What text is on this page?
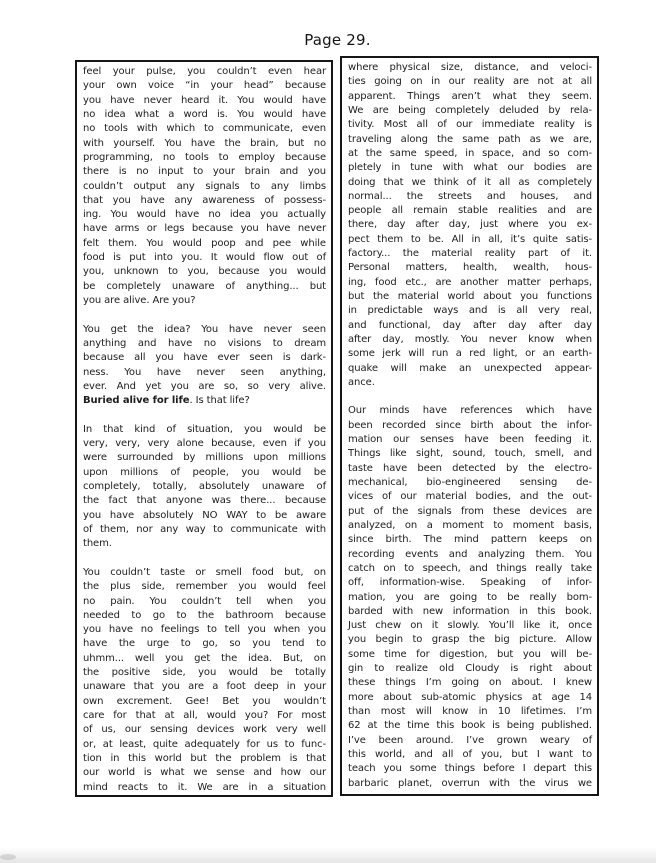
Page 29.
feel your pulse, you couldn’t even hear
your own voice “in your head” because
you have never heard it. You would have
no idea what a word is. You would have
no tools with which to communicate, even
with yourself. You have the brain, but no
programming, no tools to employ because
there is no input to your brain and you
couldn’t output any signals to any limbs
that you have any awareness of possess-
ing. You would have no idea you actually
have arms or legs because you have never
felt them. You would poop and pee while
food is put into you. It would flow out of
you, unknown to you, because you would
be completely unaware of anything... but
you are alive. Are you?
You get the idea? You have never seen
anything and have no visions to dream
because all you have ever seen is dark-
ness. You have never seen anything,
ever. And yet you are so, so very alive.
Buried alive for life. Is that life?
In that kind of situation, you would be
very, very, very alone because, even if you
were surrounded by millions upon millions
upon millions of people, you would be
completely, totally, absolutely unaware of
the fact that anyone was there... because
you have absolutely NO WAY to be aware
of them, nor any way to communicate with
them.
You couldn’t taste or smell food but, on
the plus side, remember you would feel
no pain. You couldn’t tell when you
needed to go to the bathroom because
you have no feelings to tell you when you
have the urge to go, so you tend to
uhmm... well you get the idea. But, on
the positive side, you would be totally
unaware that you are a foot deep in your
own excrement. Gee! Bet you wouldn’t
care for that at all, would you? For most
of us, our sensing devices work very well
or, at least, quite adequately for us to func-
tion in this world but the problem is that
our world is what we sense and how our
mind reacts to it. We are in a situation
where physical size, distance, and veloci-
ties going on in our reality are not at all
apparent. Things aren’t what they seem.
We are being completely deluded by rela-
tivity. Most all of our immediate reality is
traveling along the same path as we are,
at the same speed, in space, and so com-
pletely in tune with what our bodies are
doing that we think of it all as completely
normal... the streets and houses, and
people all remain stable realities and are
there, day after day, just where you ex-
pect them to be. All in all, it’s quite satis-
factory... the material reality part of it.
Personal matters, health, wealth, hous-
ing, food etc., are another matter perhaps,
but the material world about you functions
in predictable ways and is all very real,
and functional, day after day after day
after day, mostly. You never know when
some jerk will run a red light, or an earth-
quake will make an unexpected appear-
ance.
Our minds have references which have
been recorded since birth about the infor-
mation our senses have been feeding it.
Things like sight, sound, touch, smell, and
taste have been detected by the electro-
mechanical, bio-engineered sensing de-
vices of our material bodies, and the out-
put of the signals from these devices are
analyzed, on a moment to moment basis,
since birth. The mind pattern keeps on
recording events and analyzing them. You
catch on to speech, and things really take
off, information-wise. Speaking of infor-
mation, you are going to be really bom-
barded with new information in this book.
Just chew on it slowly. You’ll like it, once
you begin to grasp the big picture. Allow
some time for digestion, but you will be-
gin to realize old Cloudy is right about
these things I’m going on about. I knew
more about sub-atomic physics at age 14
than most will know in 10 lifetimes. I’m
62 at the time this book is being published.
I’ve been around. I’ve grown weary of
this world, and all of you, but I want to
teach you some things before I depart this
barbaric planet, overrun with the virus we
